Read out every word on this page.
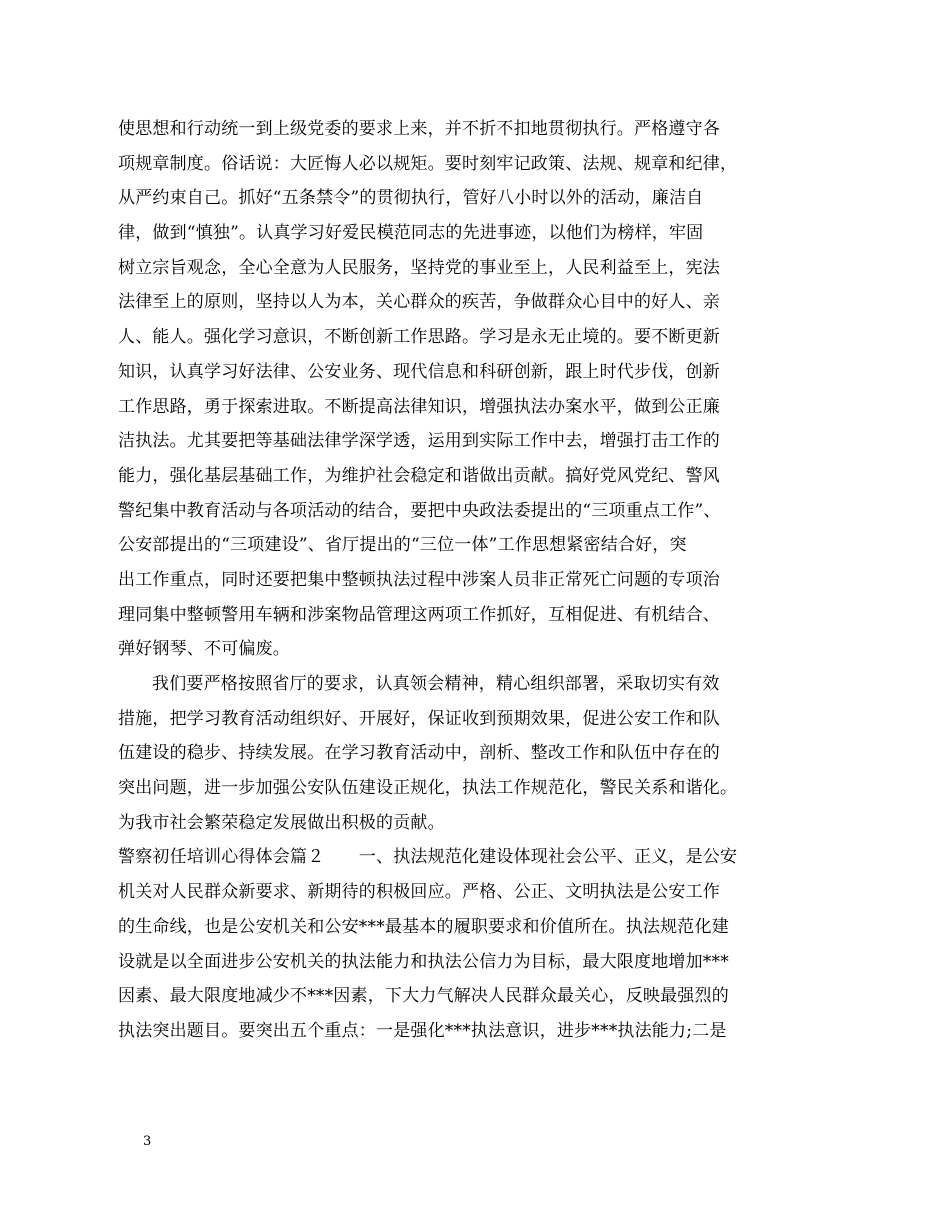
使思想和行动统一到上级党委的要求上来，并不折不扣地贯彻执行。严格遵守各
项规章制度。俗话说：大匠悔人必以规矩。要时刻牢记政策、法规、规章和纪律，
从严约束自己。抓好“五条禁令”的贯彻执行，管好八小时以外的活动，廉洁自
律，做到“慎独”。认真学习好爱民模范同志的先进事迹，以他们为榜样，牢固
树立宗旨观念，全心全意为人民服务，坚持党的事业至上，人民利益至上，宪法
法律至上的原则，坚持以人为本，关心群众的疾苦，争做群众心目中的好人、亲
人、能人。强化学习意识，不断创新工作思路。学习是永无止境的。要不断更新
知识，认真学习好法律、公安业务、现代信息和科研创新，跟上时代步伐，创新
工作思路，勇于探索进取。不断提高法律知识，增强执法办案水平，做到公正廉
洁执法。尤其要把等基础法律学深学透，运用到实际工作中去，增强打击工作的
能力，强化基层基础工作，为维护社会稳定和谐做出贡献。搞好党风党纪、警风
警纪集中教育活动与各项活动的结合，要把中央政法委提出的“三项重点工作”、
公安部提出的“三项建设”、省厅提出的“三位一体”工作思想紧密结合好，突
出工作重点，同时还要把集中整顿执法过程中涉案人员非正常死亡问题的专项治
理同集中整顿警用车辆和涉案物品管理这两项工作抓好，互相促进、有机结合、
弹好钢琴、不可偏废。
我们要严格按照省厅的要求，认真领会精神，精心组织部署，采取切实有效
措施，把学习教育活动组织好、开展好，保证收到预期效果，促进公安工作和队
伍建设的稳步、持续发展。在学习教育活动中，剖析、整改工作和队伍中存在的
突出问题，进一步加强公安队伍建设正规化，执法工作规范化，警民关系和谐化。
为我市社会繁荣稳定发展做出积极的贡献。
警察初任培训心得体会篇２　　一、执法规范化建设体现社会公平、正义，是公安
机关对人民群众新要求、新期待的积极回应。严格、公正、文明执法是公安工作
的生命线，也是公安机关和公安***最基本的履职要求和价值所在。执法规范化建
设就是以全面进步公安机关的执法能力和执法公信力为目标，最大限度地增加***
因素、最大限度地减少不***因素，下大力气解决人民群众最关心，反映最强烈的
执法突出题目。要突出五个重点：一是强化***执法意识，进步***执法能力;二是
3
